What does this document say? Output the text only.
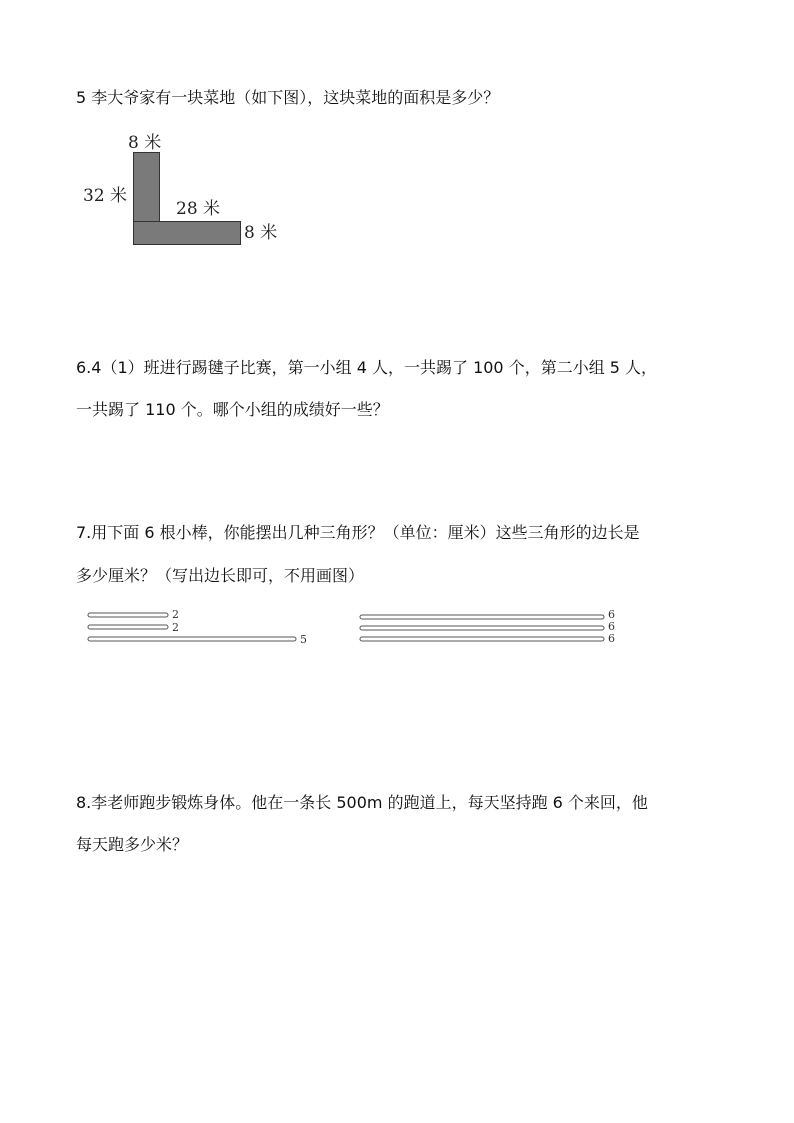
5 李大爷家有一块菜地（如下图），这块菜地的面积是多少？
8 米
32 米
28 米
8 米
6.4（1）班进行踢毽子比赛，第一小组 4 人，一共踢了 100 个，第二小组 5 人，
一共踢了 110 个。哪个小组的成绩好一些？
7.用下面 6 根小棒，你能摆出几种三角形？（单位：厘米）这些三角形的边长是
多少厘米？（写出边长即可，不用画图）
2
2
5
6
6
6
8.李老师跑步锻炼身体。他在一条长 500m 的跑道上，每天坚持跑 6 个来回，他
每天跑多少米？
